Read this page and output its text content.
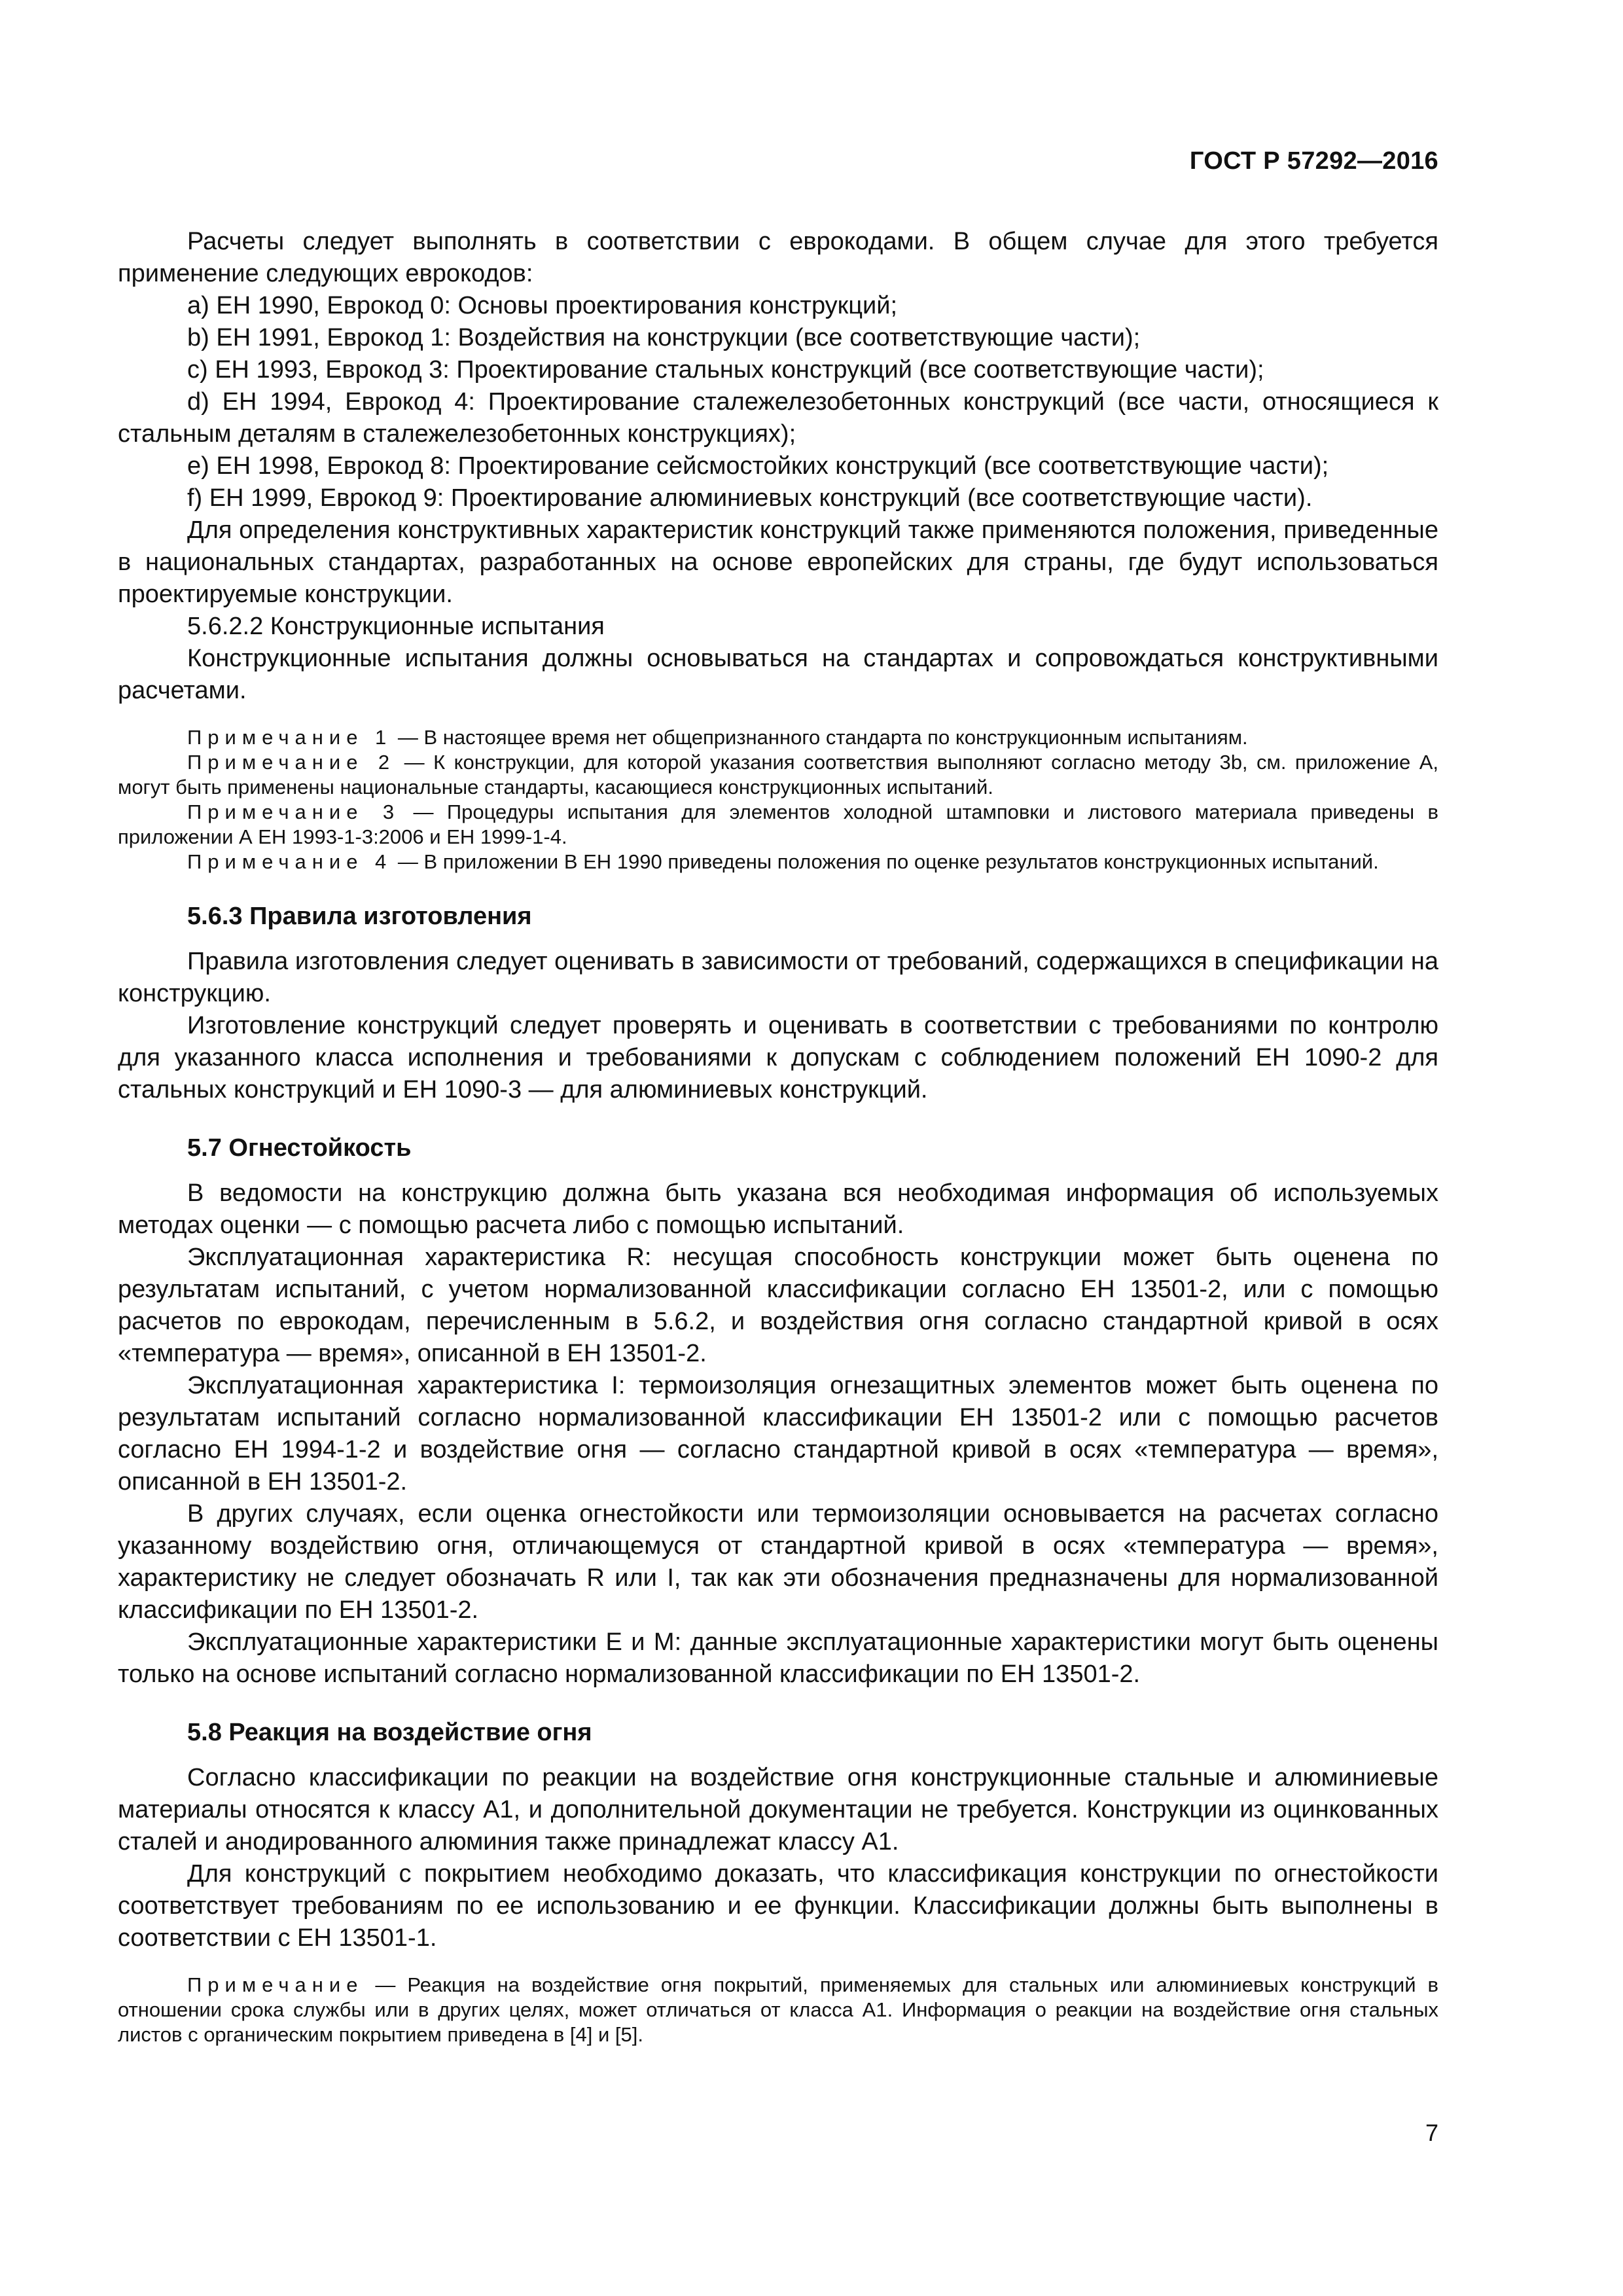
ГОСТ Р 57292—2016

Расчеты следует выполнять в соответствии с еврокодами. В общем случае для этого требуется применение следующих еврокодов:

a) ЕН 1990, Еврокод 0: Основы проектирования конструкций;

b) ЕН 1991, Еврокод 1: Воздействия на конструкции (все соответствующие части);

c) ЕН 1993, Еврокод 3: Проектирование стальных конструкций (все соответствующие части);

d) ЕН 1994, Еврокод 4: Проектирование сталежелезобетонных конструкций (все части, относящиеся к стальным деталям в сталежелезобетонных конструкциях);

e) ЕН 1998, Еврокод 8: Проектирование сейсмостойких конструкций (все соответствующие части);

f) ЕН 1999, Еврокод 9: Проектирование алюминиевых конструкций (все соответствующие части).

Для определения конструктивных характеристик конструкций также применяются положения, приведенные в национальных стандартах, разработанных на основе европейских для страны, где будут использоваться проектируемые конструкции.

5.6.2.2 Конструкционные испытания

Конструкционные испытания должны основываться на стандартах и сопровождаться конструктивными расчетами.

Примечание 1 — В настоящее время нет общепризнанного стандарта по конструкционным испытаниям.

Примечание 2 — К конструкции, для которой указания соответствия выполняют согласно методу 3b, см. приложение А, могут быть применены национальные стандарты, касающиеся конструкционных испытаний.

Примечание 3 — Процедуры испытания для элементов холодной штамповки и листового материала приведены в приложении А ЕН 1993-1-3:2006 и ЕН 1999-1-4.

Примечание 4 — В приложении В ЕН 1990 приведены положения по оценке результатов конструкционных испытаний.

5.6.3 Правила изготовления

Правила изготовления следует оценивать в зависимости от требований, содержащихся в спецификации на конструкцию.

Изготовление конструкций следует проверять и оценивать в соответствии с требованиями по контролю для указанного класса исполнения и требованиями к допускам с соблюдением положений ЕН 1090-2 для стальных конструкций и ЕН 1090-3 — для алюминиевых конструкций.

5.7 Огнестойкость

В ведомости на конструкцию должна быть указана вся необходимая информация об используемых методах оценки — с помощью расчета либо с помощью испытаний.

Эксплуатационная характеристика R: несущая способность конструкции может быть оценена по результатам испытаний, с учетом нормализованной классификации согласно ЕН 13501-2, или с помощью расчетов по еврокодам, перечисленным в 5.6.2, и воздействия огня согласно стандартной кривой в осях «температура — время», описанной в ЕН 13501-2.

Эксплуатационная характеристика I: термоизоляция огнезащитных элементов может быть оценена по результатам испытаний согласно нормализованной классификации ЕН 13501-2 или с помощью расчетов согласно ЕН 1994-1-2 и воздействие огня — согласно стандартной кривой в осях «температура — время», описанной в ЕН 13501-2.

В других случаях, если оценка огнестойкости или термоизоляции основывается на расчетах согласно указанному воздействию огня, отличающемуся от стандартной кривой в осях «температура — время», характеристику не следует обозначать R или I, так как эти обозначения предназначены для нормализованной классификации по ЕН 13501-2.

Эксплуатационные характеристики Е и М: данные эксплуатационные характеристики могут быть оценены только на основе испытаний согласно нормализованной классификации по ЕН 13501-2.

5.8 Реакция на воздействие огня

Согласно классификации по реакции на воздействие огня конструкционные стальные и алюминиевые материалы относятся к классу А1, и дополнительной документации не требуется. Конструкции из оцинкованных сталей и анодированного алюминия также принадлежат классу А1.

Для конструкций с покрытием необходимо доказать, что классификация конструкции по огнестойкости соответствует требованиям по ее использованию и ее функции. Классификации должны быть выполнены в соответствии с ЕН 13501-1.

Примечание — Реакция на воздействие огня покрытий, применяемых для стальных или алюминиевых конструкций в отношении срока службы или в других целях, может отличаться от класса А1. Информация о реакции на воздействие огня стальных листов с органическим покрытием приведена в [4] и [5].

7
